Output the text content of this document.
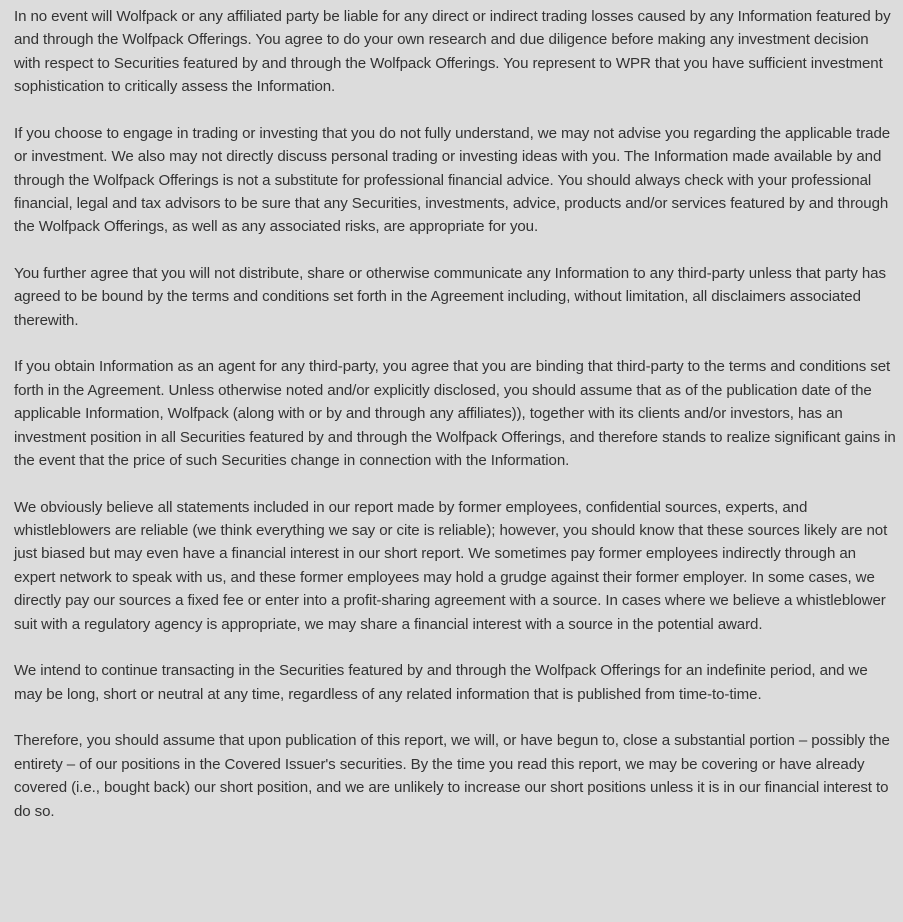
In no event will Wolfpack or any affiliated party be liable for any direct or indirect trading losses caused by any Information featured by and through the Wolfpack Offerings. You agree to do your own research and due diligence before making any investment decision with respect to Securities featured by and through the Wolfpack Offerings. You represent to WPR that you have sufficient investment sophistication to critically assess the Information.

If you choose to engage in trading or investing that you do not fully understand, we may not advise you regarding the applicable trade or investment. We also may not directly discuss personal trading or investing ideas with you. The Information made available by and through the Wolfpack Offerings is not a substitute for professional financial advice. You should always check with your professional financial, legal and tax advisors to be sure that any Securities, investments, advice, products and/or services featured by and through the Wolfpack Offerings, as well as any associated risks, are appropriate for you.

You further agree that you will not distribute, share or otherwise communicate any Information to any third-party unless that party has agreed to be bound by the terms and conditions set forth in the Agreement including, without limitation, all disclaimers associated therewith.

If you obtain Information as an agent for any third-party, you agree that you are binding that third-party to the terms and conditions set forth in the Agreement. Unless otherwise noted and/or explicitly disclosed, you should assume that as of the publication date of the applicable Information, Wolfpack (along with or by and through any affiliates)), together with its clients and/or investors, has an investment position in all Securities featured by and through the Wolfpack Offerings, and therefore stands to realize significant gains in the event that the price of such Securities change in connection with the Information.

We obviously believe all statements included in our report made by former employees, confidential sources, experts, and whistleblowers are reliable (we think everything we say or cite is reliable); however, you should know that these sources likely are not just biased but may even have a financial interest in our short report. We sometimes pay former employees indirectly through an expert network to speak with us, and these former employees may hold a grudge against their former employer. In some cases, we directly pay our sources a fixed fee or enter into a profit-sharing agreement with a source. In cases where we believe a whistleblower suit with a regulatory agency is appropriate, we may share a financial interest with a source in the potential award.

We intend to continue transacting in the Securities featured by and through the Wolfpack Offerings for an indefinite period, and we may be long, short or neutral at any time, regardless of any related information that is published from time-to-time.

Therefore, you should assume that upon publication of this report, we will, or have begun to, close a substantial portion – possibly the entirety – of our positions in the Covered Issuer's securities. By the time you read this report, we may be covering or have already covered (i.e., bought back) our short position, and we are unlikely to increase our short positions unless it is in our financial interest to do so.
